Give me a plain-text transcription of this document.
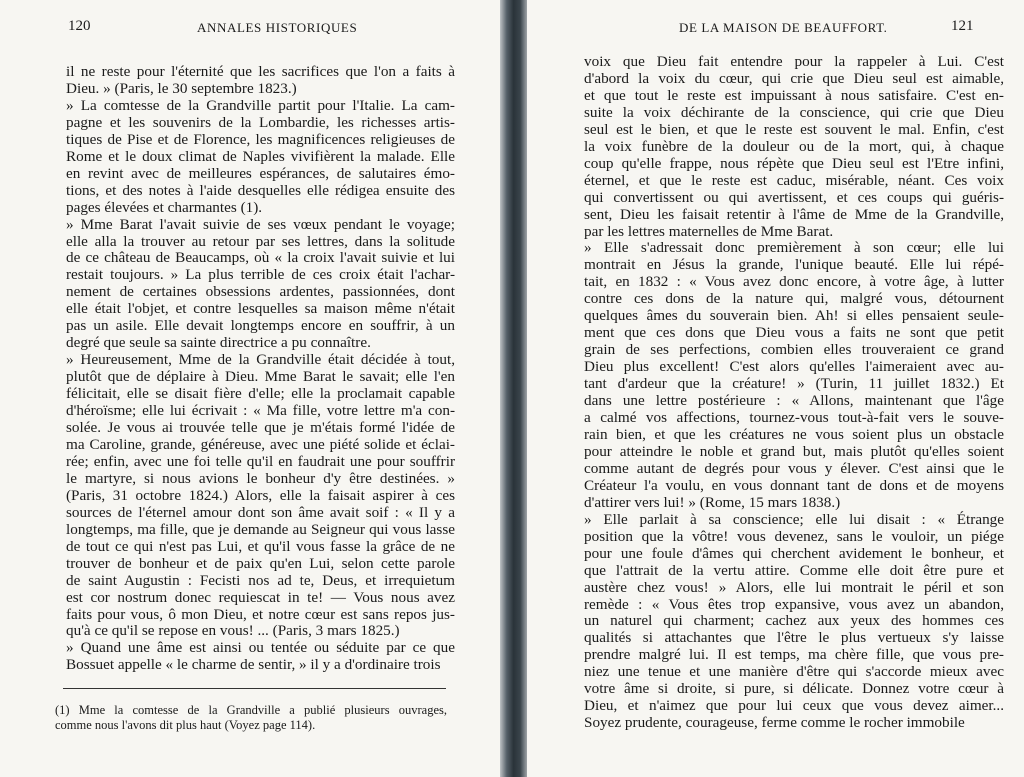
120	ANNALES HISTORIQUES
il ne reste pour l'éternité que les sacrifices que l'on a faits à
Dieu. » (Paris, le 30 septembre 1823.)
» La comtesse de la Grandville partit pour l'Italie. La cam-
pagne et les souvenirs de la Lombardie, les richesses artis-
tiques de Pise et de Florence, les magnificences religieuses de
Rome et le doux climat de Naples vivifièrent la malade. Elle
en revint avec de meilleures espérances, de salutaires émo-
tions, et des notes à l'aide desquelles elle rédigea ensuite des
pages élevées et charmantes (1).
» Mme Barat l'avait suivie de ses vœux pendant le voyage;
elle alla la trouver au retour par ses lettres, dans la solitude
de ce château de Beaucamps, où « la croix l'avait suivie et lui
restait toujours. » La plus terrible de ces croix était l'achar-
nement de certaines obsessions ardentes, passionnées, dont
elle était l'objet, et contre lesquelles sa maison même n'était
pas un asile. Elle devait longtemps encore en souffrir, à un
degré que seule sa sainte directrice a pu connaître.
» Heureusement, Mme de la Grandville était décidée à tout,
plutôt que de déplaire à Dieu. Mme Barat le savait; elle l'en
félicitait, elle se disait fière d'elle; elle la proclamait capable
d'héroïsme; elle lui écrivait : « Ma fille, votre lettre m'a con-
solée. Je vous ai trouvée telle que je m'étais formé l'idée de
ma Caroline, grande, généreuse, avec une piété solide et éclai-
rée; enfin, avec une foi telle qu'il en faudrait une pour souffrir
le martyre, si nous avions le bonheur d'y être destinées. »
(Paris, 31 octobre 1824.) Alors, elle la faisait aspirer à ces
sources de l'éternel amour dont son âme avait soif : « Il y a
longtemps, ma fille, que je demande au Seigneur qui vous lasse
de tout ce qui n'est pas Lui, et qu'il vous fasse la grâce de ne
trouver de bonheur et de paix qu'en Lui, selon cette parole
de saint Augustin : Fecisti nos ad te, Deus, et irrequietum
est cor nostrum donec requiescat in te! — Vous nous avez
faits pour vous, ô mon Dieu, et notre cœur est sans repos jus-
qu'à ce qu'il se repose en vous! ... (Paris, 3 mars 1825.)
» Quand une âme est ainsi ou tentée ou séduite par ce que
Bossuet appelle « le charme de sentir, » il y a d'ordinaire trois
(1) Mme la comtesse de la Grandville a publié plusieurs ouvrages,
comme nous l'avons dit plus haut (Voyez page 114).
DE LA MAISON DE BEAUFFORT.	121
voix que Dieu fait entendre pour la rappeler à Lui. C'est
d'abord la voix du cœur, qui crie que Dieu seul est aimable,
et que tout le reste est impuissant à nous satisfaire. C'est en-
suite la voix déchirante de la conscience, qui crie que Dieu
seul est le bien, et que le reste est souvent le mal. Enfin, c'est
la voix funèbre de la douleur ou de la mort, qui, à chaque
coup qu'elle frappe, nous répète que Dieu seul est l'Etre infini,
éternel, et que le reste est caduc, misérable, néant. Ces voix
qui convertissent ou qui avertissent, et ces coups qui guéris-
sent, Dieu les faisait retentir à l'âme de Mme de la Grandville,
par les lettres maternelles de Mme Barat.
» Elle s'adressait donc premièrement à son cœur; elle lui
montrait en Jésus la grande, l'unique beauté. Elle lui répé-
tait, en 1832 : « Vous avez donc encore, à votre âge, à lutter
contre ces dons de la nature qui, malgré vous, détournent
quelques âmes du souverain bien. Ah! si elles pensaient seule-
ment que ces dons que Dieu vous a faits ne sont que petit
grain de ses perfections, combien elles trouveraient ce grand
Dieu plus excellent! C'est alors qu'elles l'aimeraient avec au-
tant d'ardeur que la créature! » (Turin, 11 juillet 1832.) Et
dans une lettre postérieure : « Allons, maintenant que l'âge
a calmé vos affections, tournez-vous tout-à-fait vers le souve-
rain bien, et que les créatures ne vous soient plus un obstacle
pour atteindre le noble et grand but, mais plutôt qu'elles soient
comme autant de degrés pour vous y élever. C'est ainsi que le
Créateur l'a voulu, en vous donnant tant de dons et de moyens
d'attirer vers lui! » (Rome, 15 mars 1838.)
» Elle parlait à sa conscience; elle lui disait : « Étrange
position que la vôtre! vous devenez, sans le vouloir, un piége
pour une foule d'âmes qui cherchent avidement le bonheur, et
que l'attrait de la vertu attire. Comme elle doit être pure et
austère chez vous! » Alors, elle lui montrait le péril et son
remède : « Vous êtes trop expansive, vous avez un abandon,
un naturel qui charment; cachez aux yeux des hommes ces
qualités si attachantes que l'être le plus vertueux s'y laisse
prendre malgré lui. Il est temps, ma chère fille, que vous pre-
niez une tenue et une manière d'être qui s'accorde mieux avec
votre âme si droite, si pure, si délicate. Donnez votre cœur à
Dieu, et n'aimez que pour lui ceux que vous devez aimer...
Soyez prudente, courageuse, ferme comme le rocher immobile
